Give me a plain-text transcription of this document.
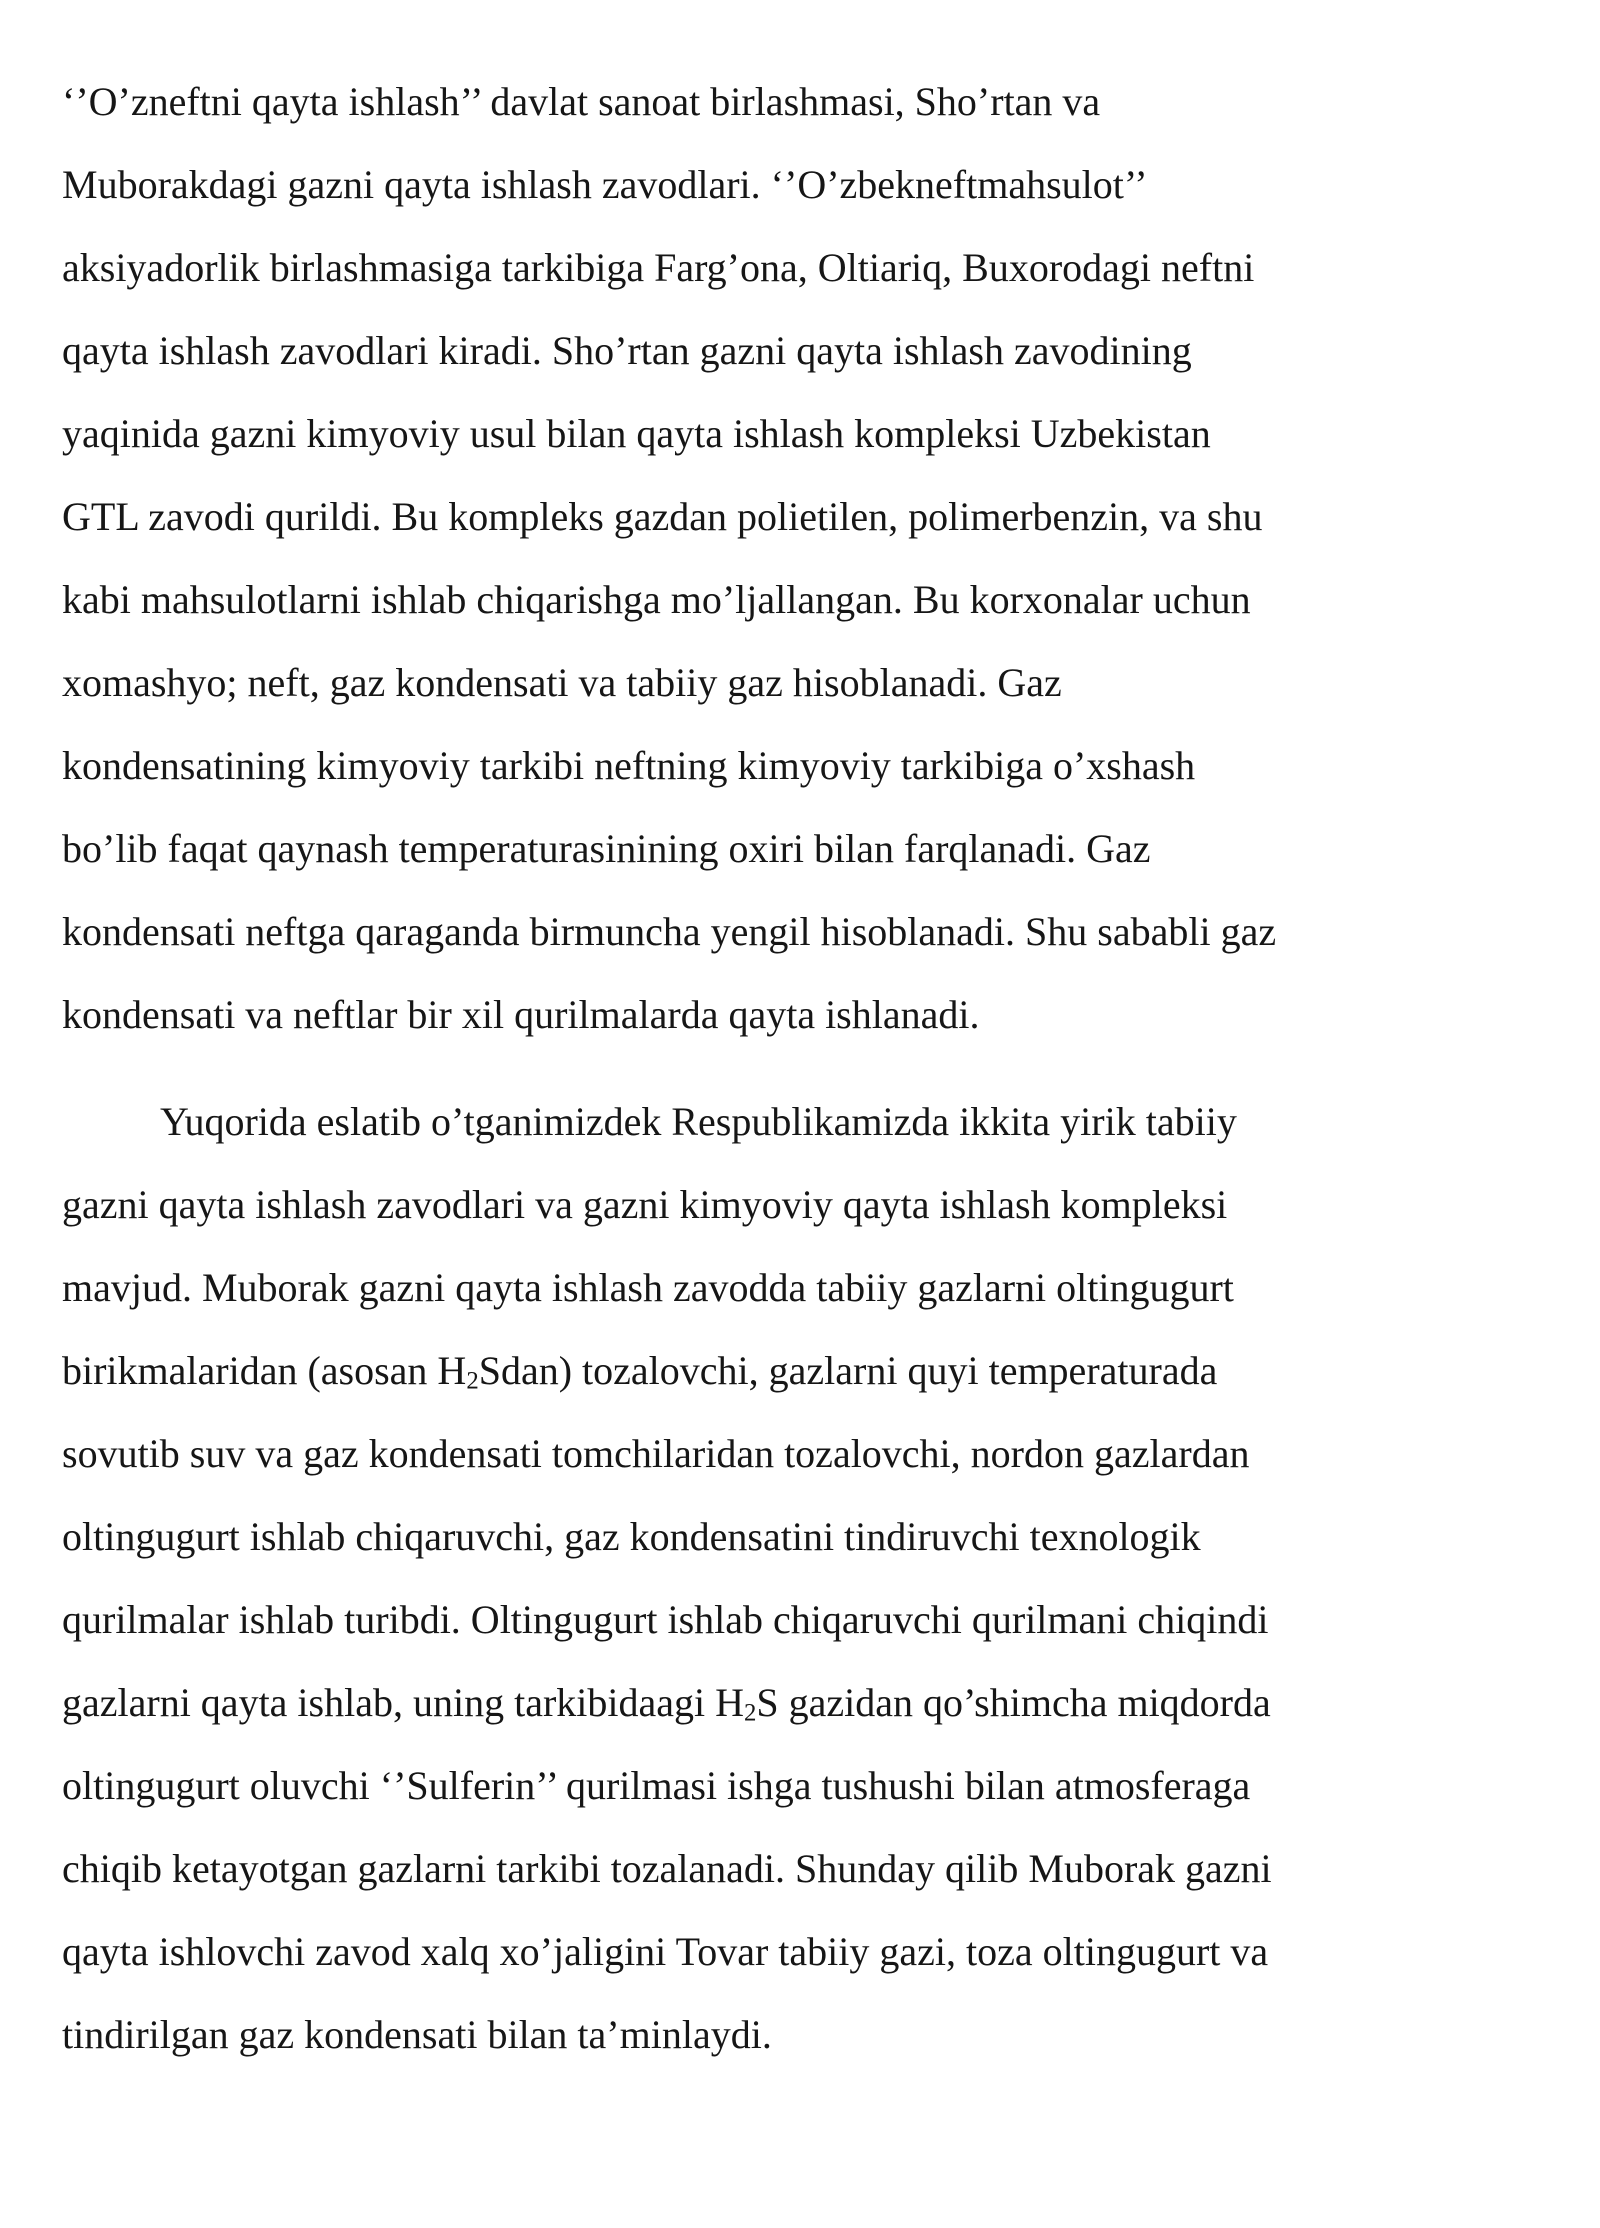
‘’O’zneftni qayta ishlash’’ davlat sanoat birlashmasi, Sho’rtan va
Muborakdagi gazni qayta ishlash zavodlari. ‘’O’zbekneftmahsulot’’
aksiyadorlik birlashmasiga tarkibiga Farg’ona, Oltiariq, Buxorodagi neftni
qayta ishlash zavodlari kiradi. Sho’rtan gazni qayta ishlash zavodining
yaqinida gazni kimyoviy usul bilan qayta ishlash kompleksi Uzbekistan
GTL zavodi qurildi. Bu kompleks gazdan polietilen, polimerbenzin, va shu
kabi mahsulotlarni ishlab chiqarishga mo’ljallangan. Bu korxonalar uchun
xomashyo; neft, gaz kondensati va tabiiy gaz hisoblanadi. Gaz
kondensatining kimyoviy tarkibi neftning kimyoviy tarkibiga o’xshash
bo’lib faqat qaynash temperaturasinining oxiri bilan farqlanadi. Gaz
kondensati neftga qaraganda birmuncha yengil hisoblanadi. Shu sababli gaz
kondensati va neftlar bir xil qurilmalarda qayta ishlanadi.
Yuqorida eslatib o’tganimizdek Respublikamizda ikkita yirik tabiiy
gazni qayta ishlash zavodlari va gazni kimyoviy qayta ishlash kompleksi
mavjud. Muborak gazni qayta ishlash zavodda tabiiy gazlarni oltingugurt
birikmalaridan (asosan $H_2Sdan$) tozalovchi, gazlarni quyi temperaturada
sovutib suv va gaz kondensati tomchilaridan tozalovchi, nordon gazlardan
oltingugurt ishlab chiqaruvchi, gaz kondensatini tindiruvchi texnologik
qurilmalar ishlab turibdi. Oltingugurt ishlab chiqaruvchi qurilmani chiqindi
gazlarni qayta ishlab, uning tarkibidaagi $H_2S$ gazidan qo’shimcha miqdorda
oltingugurt oluvchi ‘’Sulferin’’ qurilmasi ishga tushushi bilan atmosferaga
chiqib ketayotgan gazlarni tarkibi tozalanadi. Shunday qilib Muborak gazni
qayta ishlovchi zavod xalq xo’jaligini Tovar tabiiy gazi, toza oltingugurt va
tindirilgan gaz kondensati bilan ta’minlaydi.
